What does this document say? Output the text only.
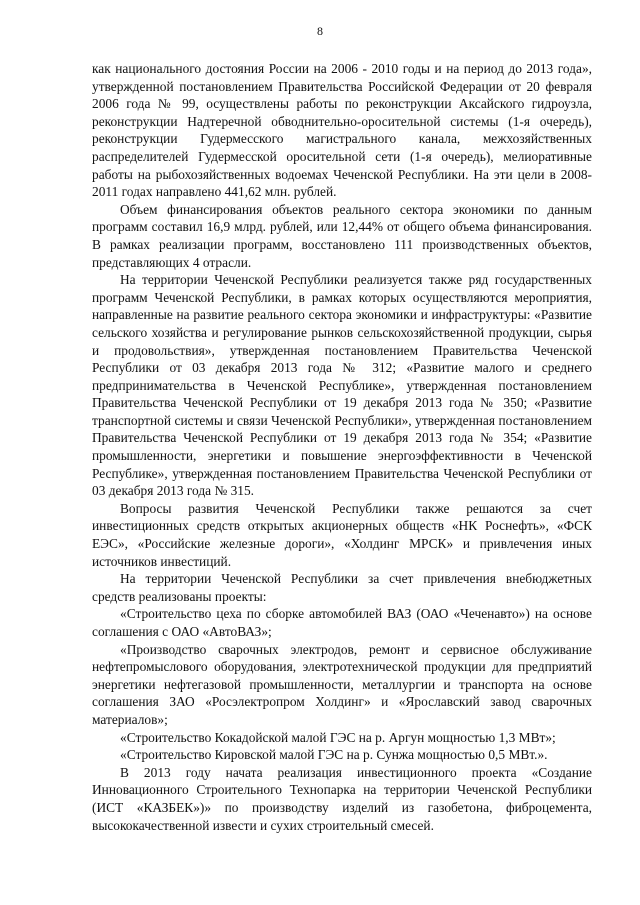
8

как национального достояния России на 2006 - 2010 годы и на период до 2013 года», утвержденной постановлением Правительства Российской Федерации от 20 февраля 2006 года № 99, осуществлены работы по реконструкции Аксайского гидроузла, реконструкции Надтеречной обводнительно-оросительной системы (1-я очередь), реконструкции Гудермесского магистрального канала, межхозяйственных распределителей Гудермесской оросительной сети (1-я очередь), мелиоративные работы на рыбохозяйственных водоемах Чеченской Республики. На эти цели в 2008-2011 годах направлено 441,62 млн. рублей.

Объем финансирования объектов реального сектора экономики по данным программ составил 16,9 млрд. рублей, или 12,44% от общего объема финансирования. В рамках реализации программ, восстановлено 111 производственных объектов, представляющих 4 отрасли.

На территории Чеченской Республики реализуется также ряд государственных программ Чеченской Республики, в рамках которых осуществляются мероприятия, направленные на развитие реального сектора экономики и инфраструктуры: «Развитие сельского хозяйства и регулирование рынков сельскохозяйственной продукции, сырья и продовольствия», утвержденная постановлением Правительства Чеченской Республики от 03 декабря 2013 года № 312; «Развитие малого и среднего предпринимательства в Чеченской Республике», утвержденная постановлением Правительства Чеченской Республики от 19 декабря 2013 года № 350; «Развитие транспортной системы и связи Чеченской Республики», утвержденная постановлением Правительства Чеченской Республики от 19 декабря 2013 года № 354; «Развитие промышленности, энергетики и повышение энергоэффективности в Чеченской Республике», утвержденная постановлением Правительства Чеченской Республики от 03 декабря 2013 года № 315.

Вопросы развития Чеченской Республики также решаются за счет инвестиционных средств открытых акционерных обществ «НК Роснефть», «ФСК ЕЭС», «Российские железные дороги», «Холдинг МРСК» и привлечения иных источников инвестиций.

На территории Чеченской Республики за счет привлечения внебюджетных средств реализованы проекты:

«Строительство цеха по сборке автомобилей ВАЗ (ОАО «Чеченавто») на основе соглашения с ОАО «АвтоВАЗ»;

«Производство сварочных электродов, ремонт и сервисное обслуживание нефтепромыслового оборудования, электротехнической продукции для предприятий энергетики нефтегазовой промышленности, металлургии и транспорта на основе соглашения ЗАО «Росэлектропром Холдинг» и «Ярославский завод сварочных материалов»;

«Строительство Кокадойской малой ГЭС на р. Аргун мощностью 1,3 МВт»;

«Строительство Кировской малой ГЭС на р. Сунжа мощностью 0,5 МВт.».

В 2013 году начата реализация инвестиционного проекта «Создание Инновационного Строительного Технопарка на территории Чеченской Республики (ИСТ «КАЗБЕК»)» по производству изделий из газобетона, фиброцемента, высококачественной извести и сухих строительный смесей.
